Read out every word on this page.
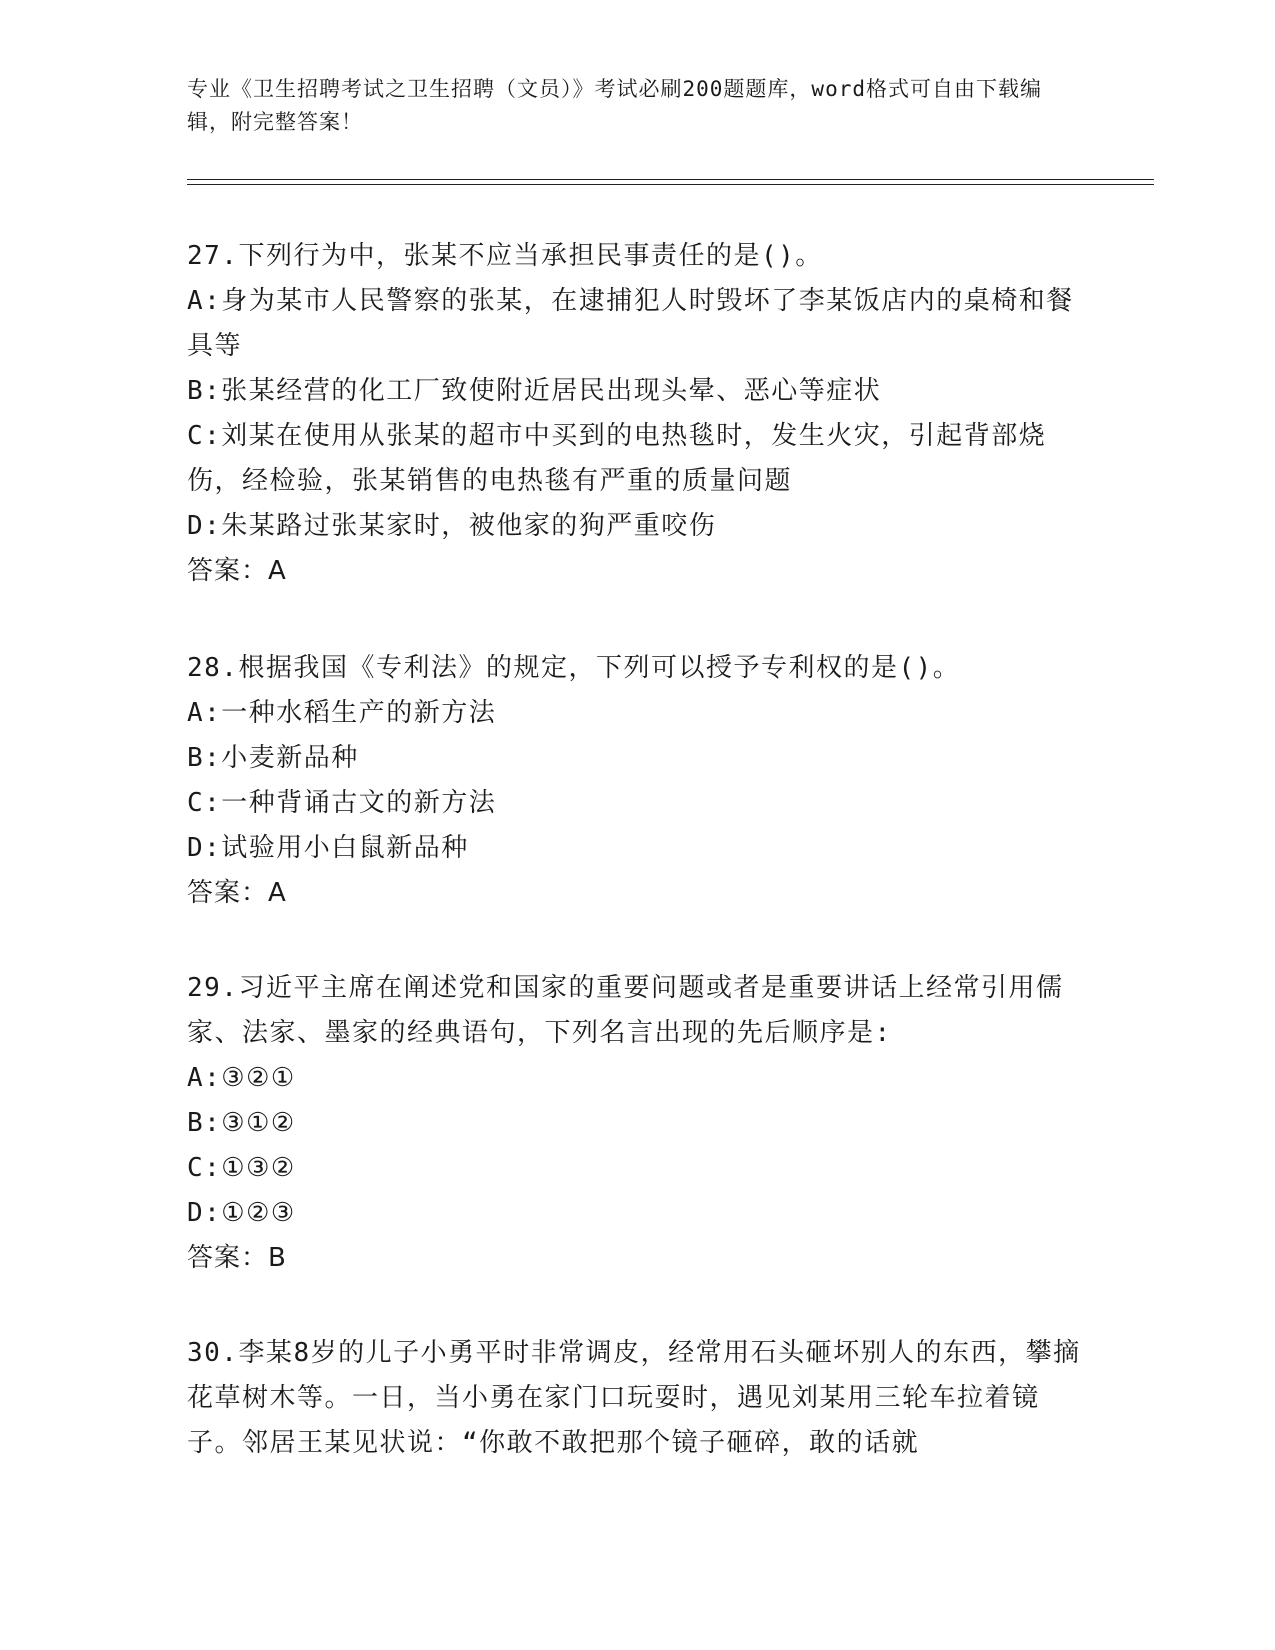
专业《卫生招聘考试之卫生招聘（文员）》考试必刷200题题库，word格式可自由下载编辑，附完整答案！

27.下列行为中，张某不应当承担民事责任的是()。

A:身为某市人民警察的张某，在逮捕犯人时毁坏了李某饭店内的桌椅和餐具等

B:张某经营的化工厂致使附近居民出现头晕、恶心等症状

C:刘某在使用从张某的超市中买到的电热毯时，发生火灾，引起背部烧伤，经检验，张某销售的电热毯有严重的质量问题

D:朱某路过张某家时，被他家的狗严重咬伤

答案：A

28.根据我国《专利法》的规定，下列可以授予专利权的是()。

A:一种水稻生产的新方法

B:小麦新品种

C:一种背诵古文的新方法

D:试验用小白鼠新品种

答案：A

29.习近平主席在阐述党和国家的重要问题或者是重要讲话上经常引用儒家、法家、墨家的经典语句，下列名言出现的先后顺序是:

A:③②①

B:③①②

C:①③②

D:①②③

答案：B

30.李某8岁的儿子小勇平时非常调皮，经常用石头砸坏别人的东西，攀摘花草树木等。一日，当小勇在家门口玩耍时，遇见刘某用三轮车拉着镜子。邻居王某见状说：“你敢不敢把那个镜子砸碎，敢的话就
